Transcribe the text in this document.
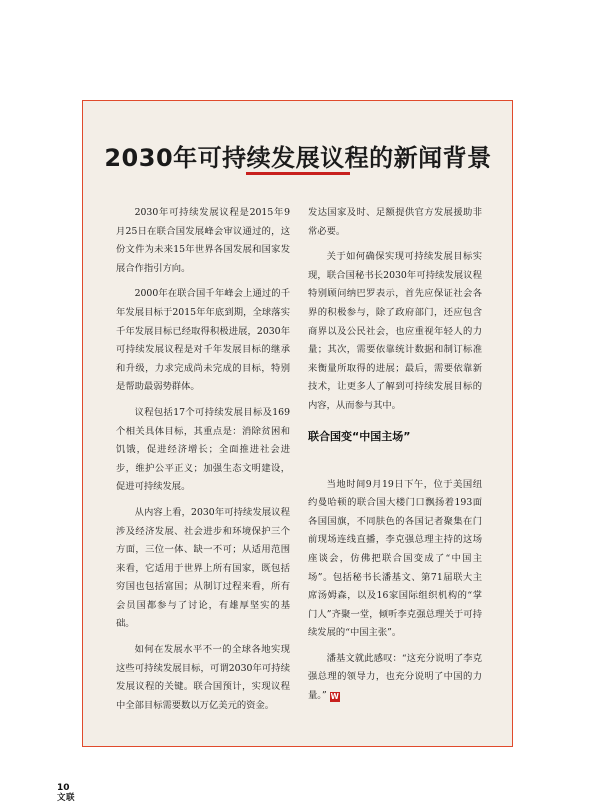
2030年可持续发展议程的新闻背景

2030年可持续发展议程是2015年9月25日在联合国发展峰会审议通过的，这份文件为未来15年世界各国发展和国家发展合作指引方向。

2000年在联合国千年峰会上通过的千年发展目标于2015年年底到期，全球落实千年发展目标已经取得积极进展，2030年可持续发展议程是对千年发展目标的继承和升级，力求完成尚未完成的目标，特别是帮助最弱势群体。

议程包括17个可持续发展目标及169个相关具体目标，其重点是：消除贫困和饥饿，促进经济增长；全面推进社会进步，维护公平正义；加强生态文明建设，促进可持续发展。

从内容上看，2030年可持续发展议程涉及经济发展、社会进步和环境保护三个方面，三位一体、缺一不可；从适用范围来看，它适用于世界上所有国家，既包括穷国也包括富国；从制订过程来看，所有会员国都参与了讨论，有雄厚坚实的基础。

如何在发展水平不一的全球各地实现这些可持续发展目标，可谓2030年可持续发展议程的关键。联合国预计，实现议程中全部目标需要数以万亿美元的资金。

发达国家及时、足额提供官方发展援助非常必要。

关于如何确保实现可持续发展目标实现，联合国秘书长2030年可持续发展议程特别顾问纳巴罗表示，首先应保证社会各界的积极参与，除了政府部门，还应包含商界以及公民社会，也应重视年轻人的力量；其次，需要依靠统计数据和制订标准来衡量所取得的进展；最后，需要依靠新技术，让更多人了解到可持续发展目标的内容，从而参与其中。

联合国变“中国主场”

当地时间9月19日下午，位于美国纽约曼哈顿的联合国大楼门口飘扬着193面各国国旗，不同肤色的各国记者聚集在门前现场连线直播，李克强总理主持的这场座谈会，仿佛把联合国变成了“中国主场”。包括秘书长潘基文、第71届联大主席汤姆森，以及16家国际组织机构的“掌门人”齐聚一堂，倾听李克强总理关于可持续发展的“中国主张”。

潘基文就此感叹：“这充分说明了李克强总理的领导力，也充分说明了中国的力量。” W

10
文联
